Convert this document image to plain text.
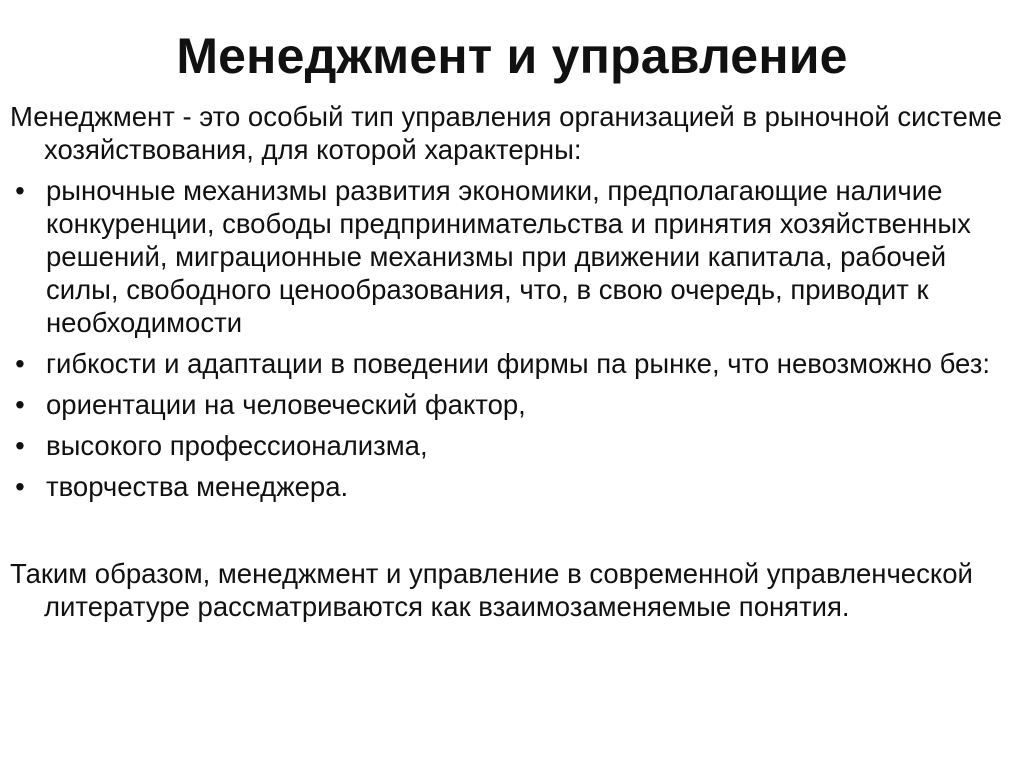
Менеджмент и управление

Менеджмент - это особый тип управления организацией в рыночной системе хозяйствования, для которой характерны:

• рыночные механизмы развития экономики, предполагающие наличие конкуренции, свободы предпринимательства и принятия хозяйственных решений, миграционные механизмы при движении капитала, рабочей силы, свободного ценообразования, что, в свою очередь, приводит к необходимости
• гибкости и адаптации в поведении фирмы па рынке, что невозможно без:
• ориентации на человеческий фактор,
• высокого профессионализма,
• творчества менеджера.

Таким образом, менеджмент и управление в современной управленческой литературе рассматриваются как взаимозаменяемые понятия.
